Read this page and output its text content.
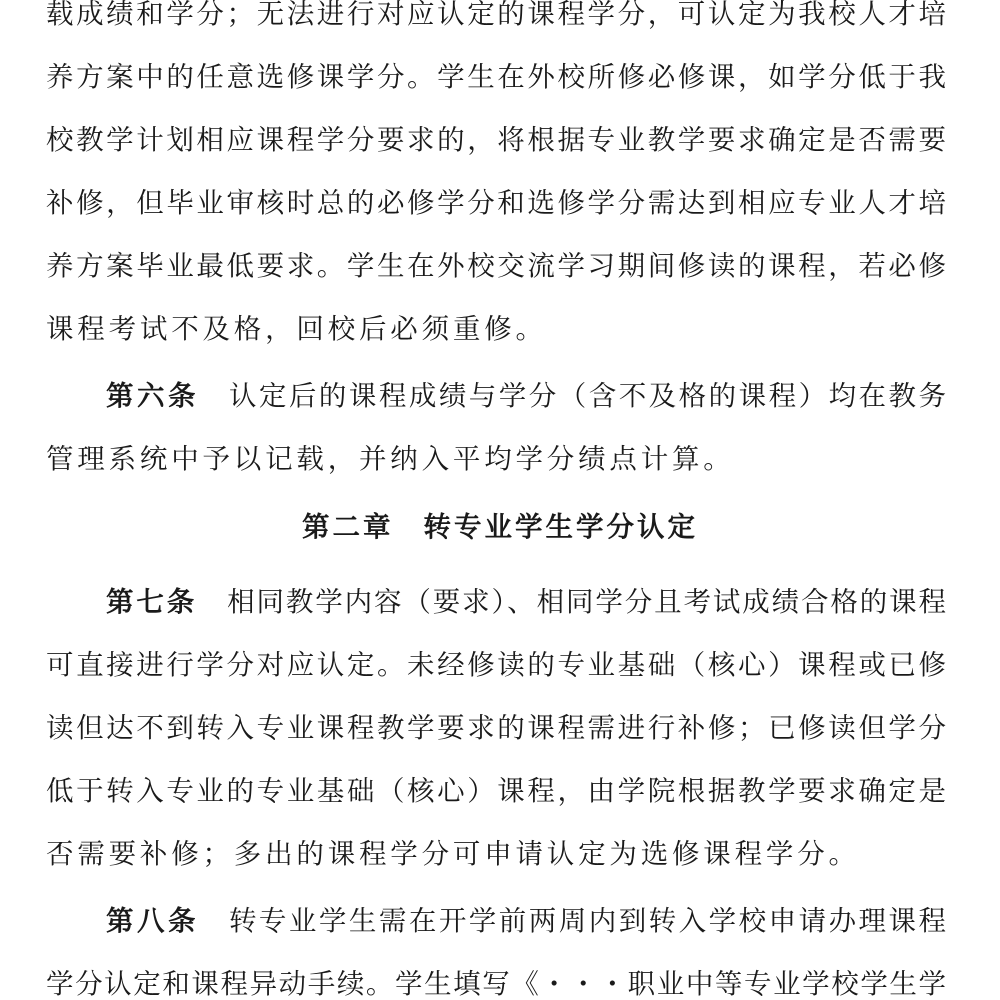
载成绩和学分；无法进行对应认定的课程学分，可认定为我校人才培
养方案中的任意选修课学分。学生在外校所修必修课，如学分低于我
校教学计划相应课程学分要求的，将根据专业教学要求确定是否需要
补修，但毕业审核时总的必修学分和选修学分需达到相应专业人才培
养方案毕业最低要求。学生在外校交流学习期间修读的课程，若必修
课程考试不及格，回校后必须重修。
第六条 认定后的课程成绩与学分（含不及格的课程）均在教务
管理系统中予以记载，并纳入平均学分绩点计算。
第二章 转专业学生学分认定
第七条 相同教学内容（要求）、相同学分且考试成绩合格的课程
可直接进行学分对应认定。未经修读的专业基础（核心）课程或已修
读但达不到转入专业课程教学要求的课程需进行补修；已修读但学分
低于转入专业的专业基础（核心）课程，由学院根据教学要求确定是
否需要补修；多出的课程学分可申请认定为选修课程学分。
第八条 转专业学生需在开学前两周内到转入学校申请办理课程
学分认定和课程异动手续。学生填写《・・・职业中等专业学校学生学
